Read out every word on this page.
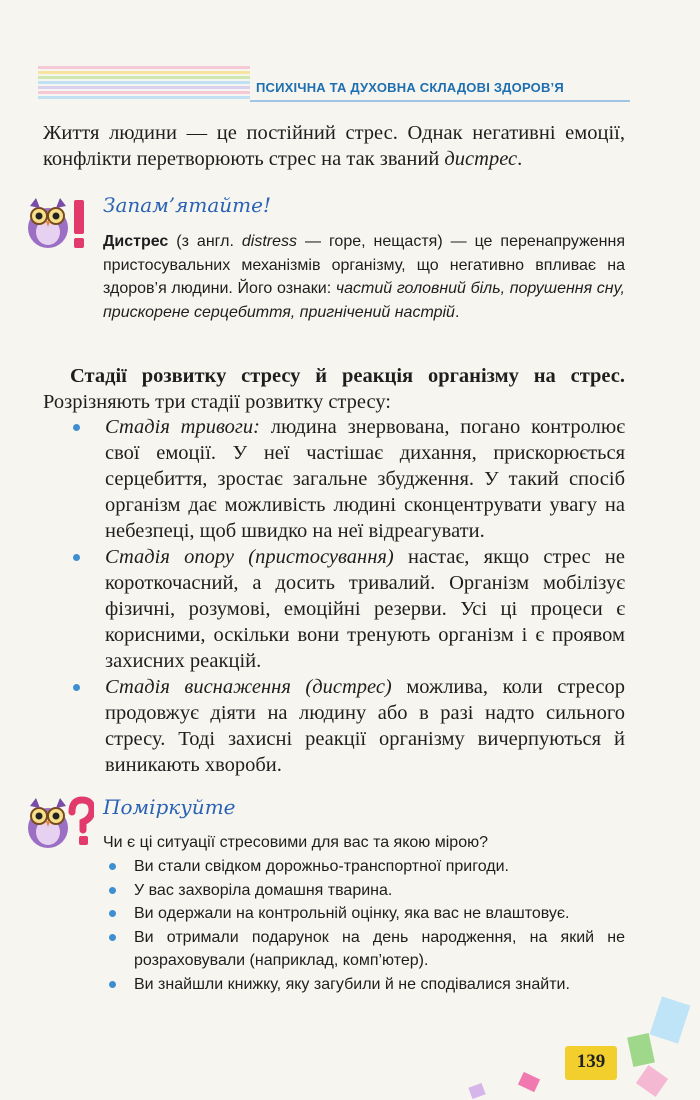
ПСИХІЧНА ТА ДУХОВНА СКЛАДОВІ ЗДОРОВ’Я

Життя людини — це постійний стрес. Однак негативні емоції, конфлікти перетворюють стрес на так званий дистрес.

Запам’ятайте!

Дистрес (з англ. distress — горе, нещастя) — це перенапруження пристосувальних механізмів організму, що негативно впливає на здоров’я людини. Його ознаки: частий головний біль, порушення сну, прискорене серцебиття, пригнічений настрій.

Стадії розвитку стресу й реакція організму на стрес. Розрізняють три стадії розвитку стресу:

Стадія тривоги: людина знервована, погано контролює свої емоції. У неї частішає дихання, прискорюється серцебиття, зростає загальне збудження. У такий спосіб організм дає можливість людині сконцентрувати увагу на небезпеці, щоб швидко на неї відреагувати.
Стадія опору (пристосування) настає, якщо стрес не короткочасний, а досить тривалий. Організм мобілізує фізичні, розумові, емоційні резерви. Усі ці процеси є корисними, оскільки вони тренують організм і є проявом захисних реакцій.
Стадія виснаження (дистрес) можлива, коли стресор продовжує діяти на людину або в разі надто сильного стресу. Тоді захисні реакції організму вичерпуються й виникають хвороби.
Поміркуйте

Чи є ці ситуації стресовими для вас та якою мірою?

Ви стали свідком дорожньо-транспортної пригоди.
У вас захворіла домашня тварина.
Ви одержали на контрольній оцінку, яка вас не влаштовує.
Ви отримали подарунок на день народження, на який не розраховували (наприклад, комп’ютер).
Ви знайшли книжку, яку загубили й не сподівалися знайти.
139
